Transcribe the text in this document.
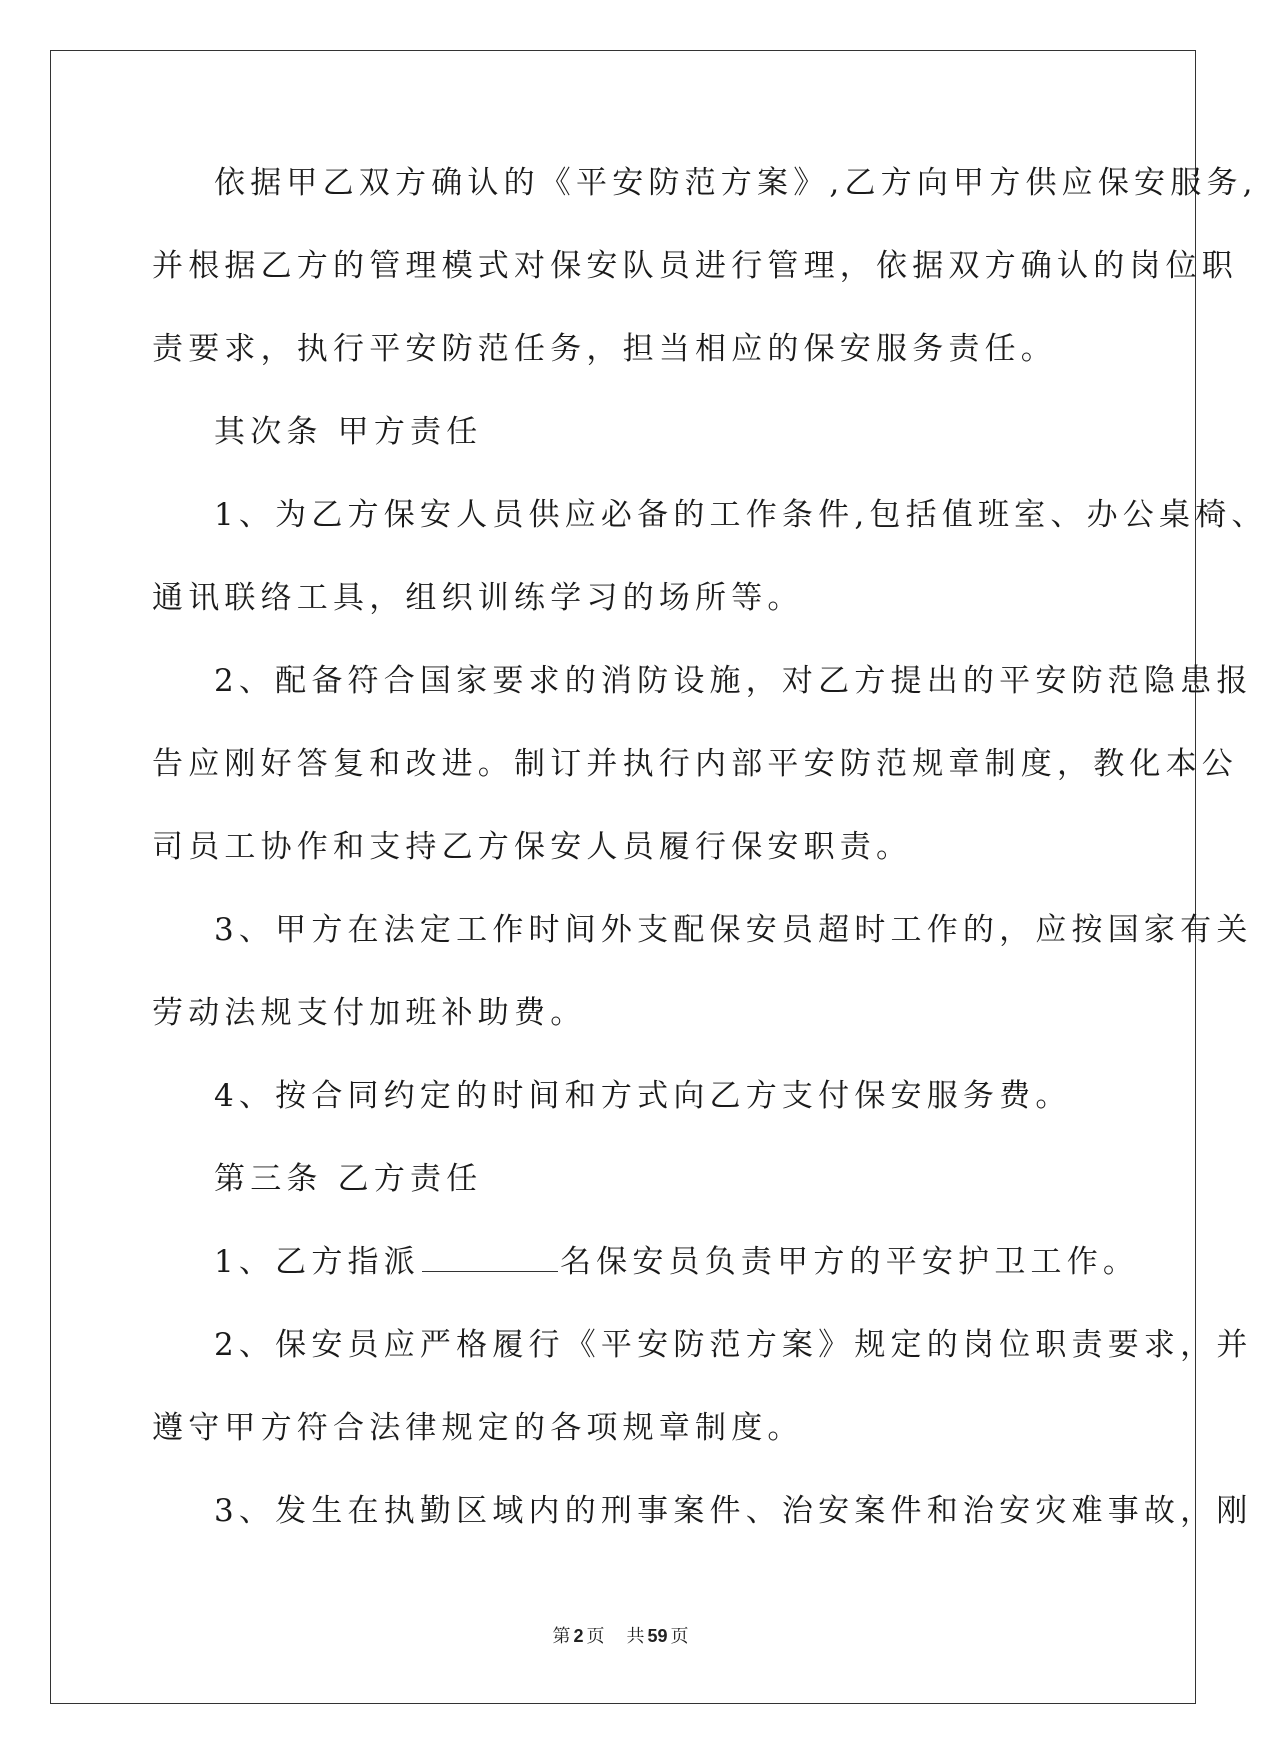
依据甲乙双方确认的《平安防范方案》,乙方向甲方供应保安服务,
并根据乙方的管理模式对保安队员进行管理，依据双方确认的岗位职
责要求，执行平安防范任务，担当相应的保安服务责任。
其次条 甲方责任
1、为乙方保安人员供应必备的工作条件,包括值班室、办公桌椅、
通讯联络工具，组织训练学习的场所等。
2、配备符合国家要求的消防设施，对乙方提出的平安防范隐患报
告应刚好答复和改进。制订并执行内部平安防范规章制度，教化本公
司员工协作和支持乙方保安人员履行保安职责。
3、甲方在法定工作时间外支配保安员超时工作的，应按国家有关
劳动法规支付加班补助费。
4、按合同约定的时间和方式向乙方支付保安服务费。
第三条 乙方责任
1、乙方指派	名保安员负责甲方的平安护卫工作。
2、保安员应严格履行《平安防范方案》规定的岗位职责要求，并
遵守甲方符合法律规定的各项规章制度。
3、发生在执勤区域内的刑事案件、治安案件和治安灾难事故，刚
第 2 页 共 59 页
